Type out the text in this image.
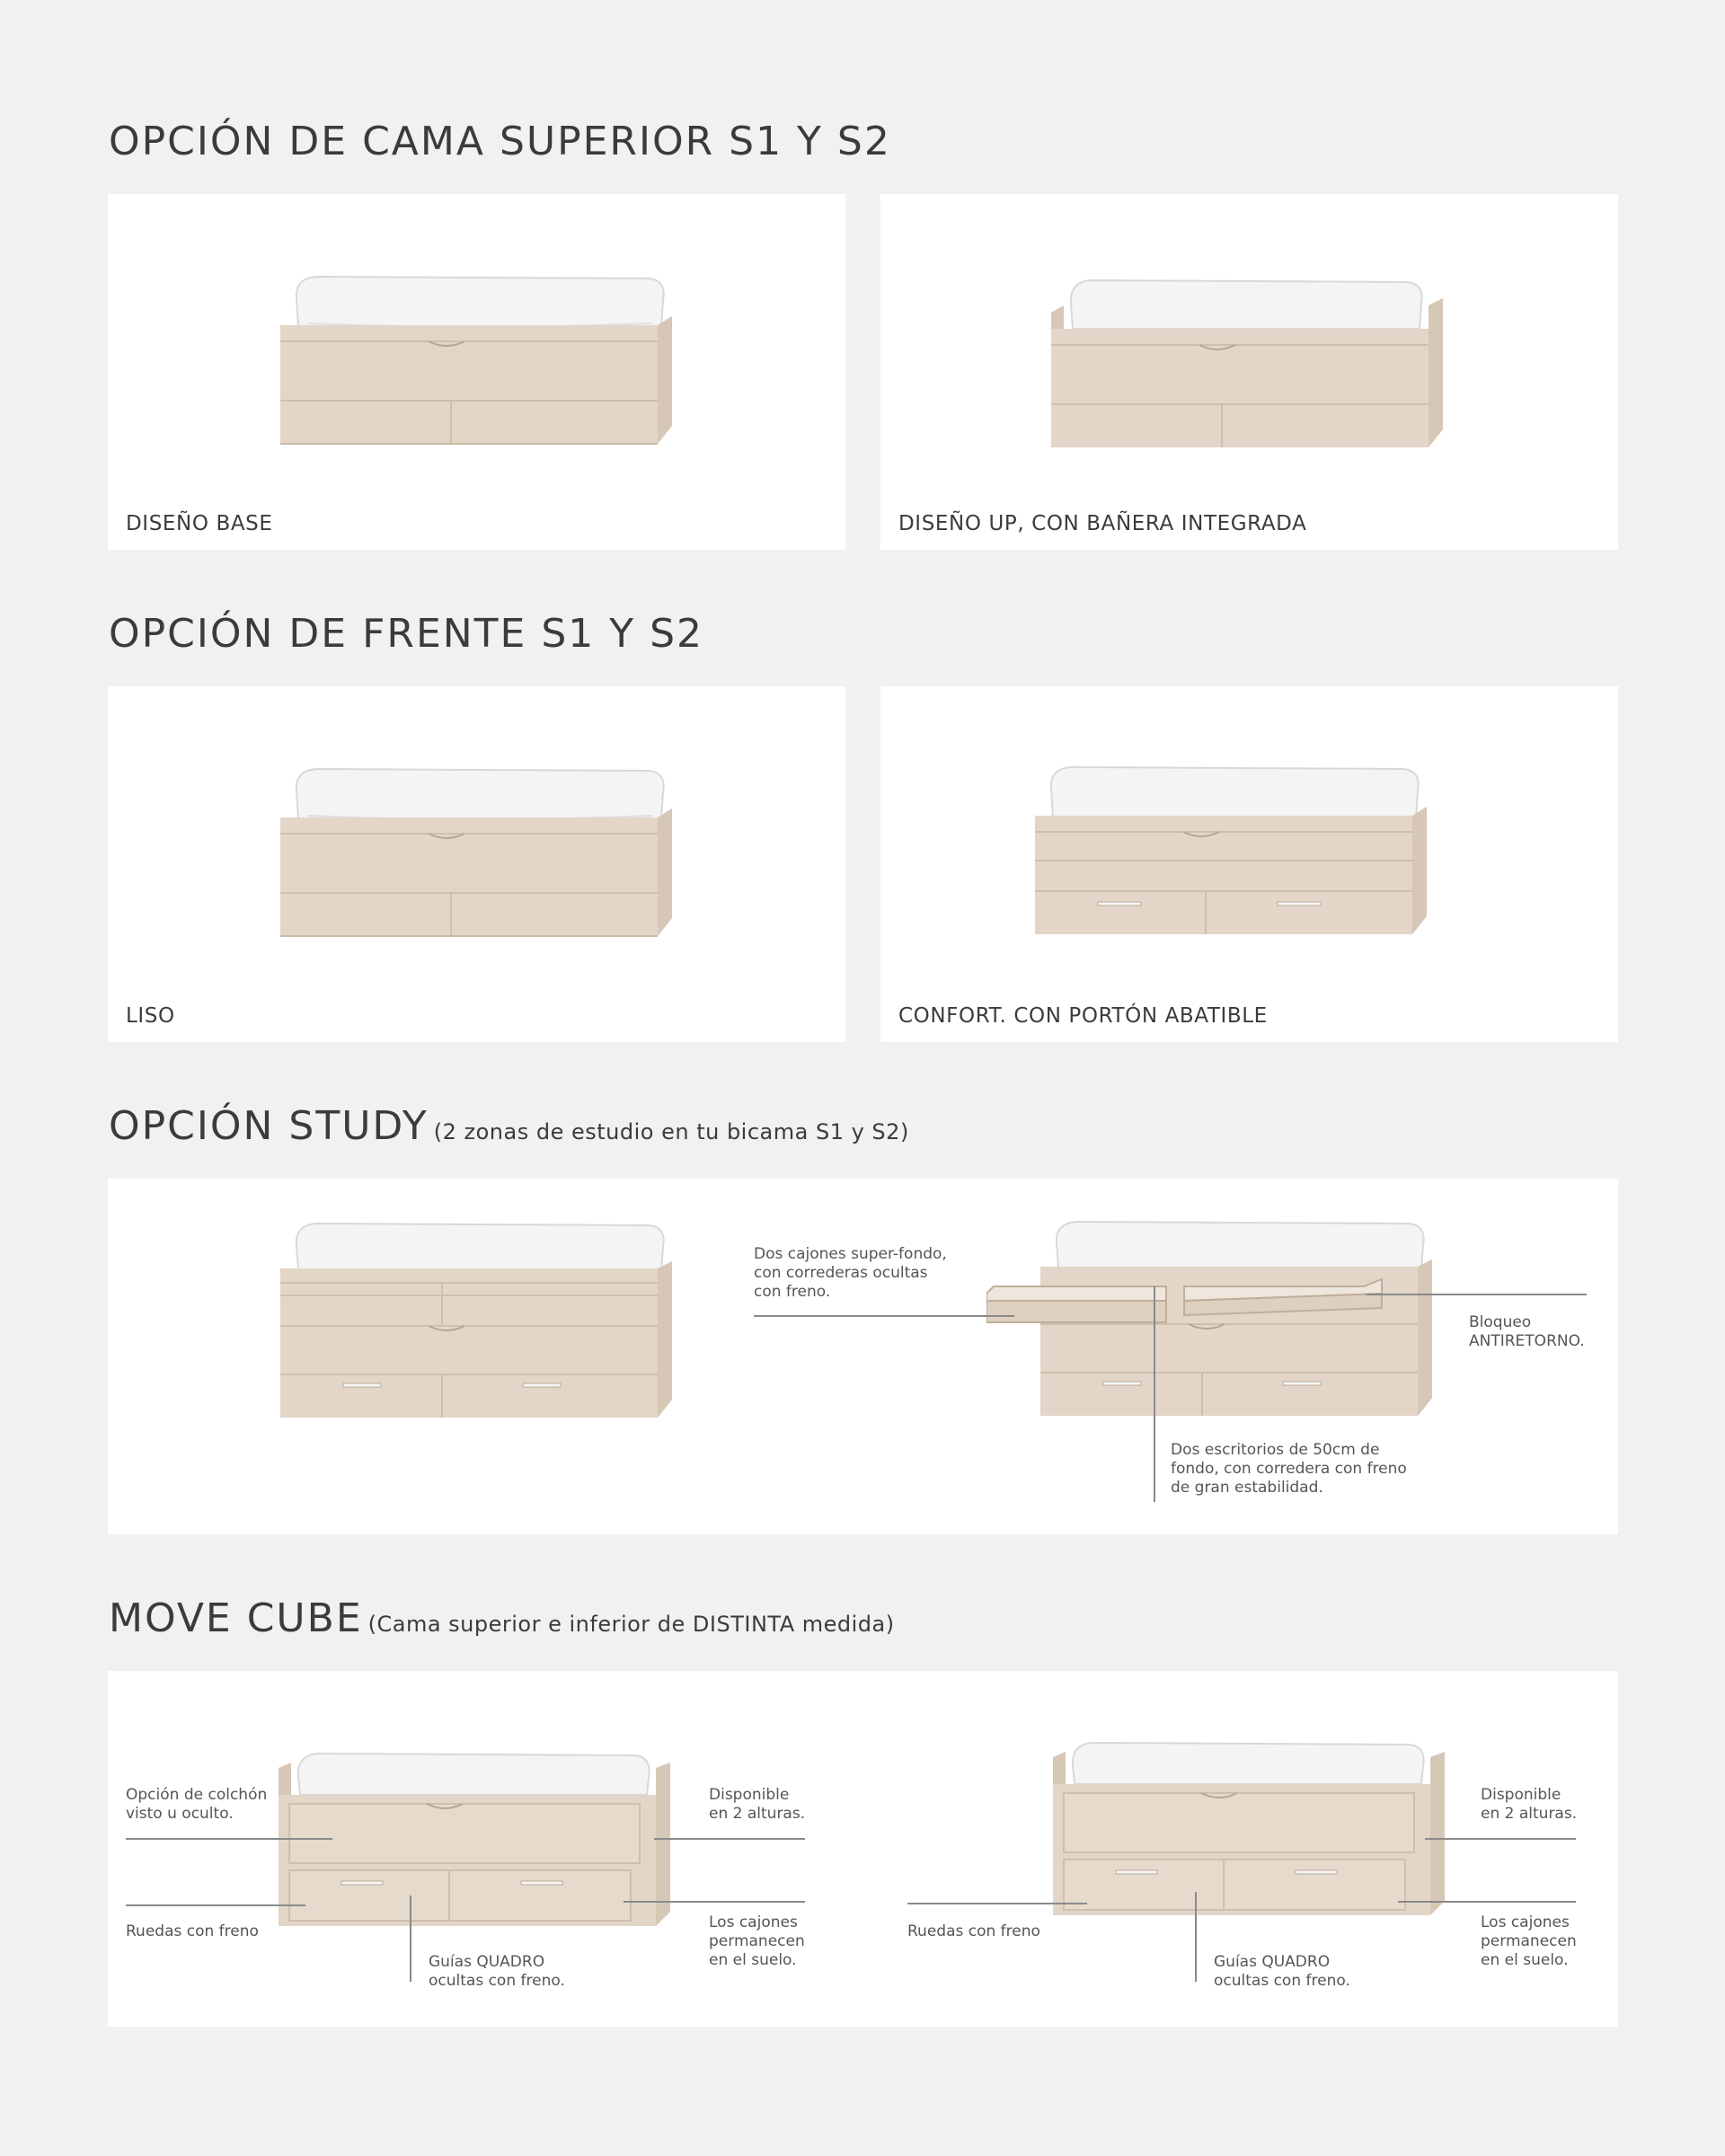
OPCIÓN DE CAMA SUPERIOR S1 Y S2
DISEÑO BASE	DISEÑO UP, CON BAÑERA INTEGRADA
OPCIÓN DE FRENTE S1 Y S2
LISO	CONFORT. CON PORTÓN ABATIBLE
OPCIÓN STUDY (2 zonas de estudio en tu bicama S1 y S2)
Dos cajones super-fondo,
con correderas ocultas
con freno.
Bloqueo
ANTIRETORNO.
Dos escritorios de 50cm de
fondo, con corredera con freno
de gran estabilidad.
MOVE CUBE (Cama superior e inferior de DISTINTA medida)
Opción de colchón
visto u oculto.
Disponible
en 2 alturas.
Ruedas con freno
Guías QUADRO
ocultas con freno.
Los cajones
permanecen
en el suelo.
Ruedas con freno
Guías QUADRO
ocultas con freno.
Disponible
en 2 alturas.
Los cajones
permanecen
en el suelo.
